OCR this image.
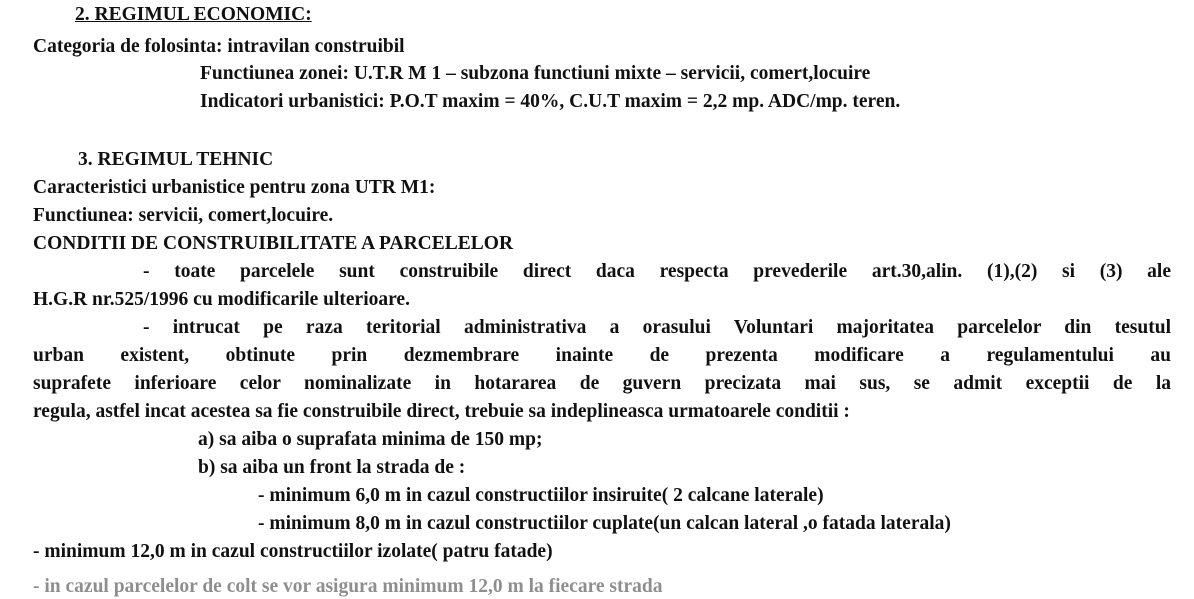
2. REGIMUL ECONOMIC:
Categoria de folosinta: intravilan construibil
Functiunea zonei: U.T.R M 1 – subzona functiuni mixte – servicii, comert,locuire
Indicatori urbanistici: P.O.T maxim = 40%, C.U.T maxim = 2,2 mp. ADC/mp. teren.
3. REGIMUL TEHNIC
Caracteristici urbanistice pentru zona UTR M1:
Functiunea: servicii, comert,locuire.
CONDITII DE CONSTRUIBILITATE A PARCELELOR
- toate parcelele sunt construibile direct daca respecta prevederile art.30,alin. (1),(2) si (3) ale
H.G.R nr.525/1996 cu modificarile ulterioare.
- intrucat pe raza teritorial administrativa a orasului Voluntari majoritatea parcelelor din tesutul
urban existent, obtinute prin dezmembrare inainte de prezenta modificare a regulamentului au
suprafete inferioare celor nominalizate in hotararea de guvern precizata mai sus, se admit exceptii de la
regula, astfel incat acestea sa fie construibile direct, trebuie sa indeplineasca urmatoarele conditii :
a) sa aiba o suprafata minima de 150 mp;
b) sa aiba un front la strada de :
- minimum 6,0 m in cazul constructiilor insiruite( 2 calcane laterale)
- minimum 8,0 m in cazul constructiilor cuplate(un calcan lateral ,o fatada laterala)
- minimum 12,0 m in cazul constructiilor izolate( patru fatade)
- in cazul parcelelor de colt se vor asigura minimum 12,0 m la fiecare strada
